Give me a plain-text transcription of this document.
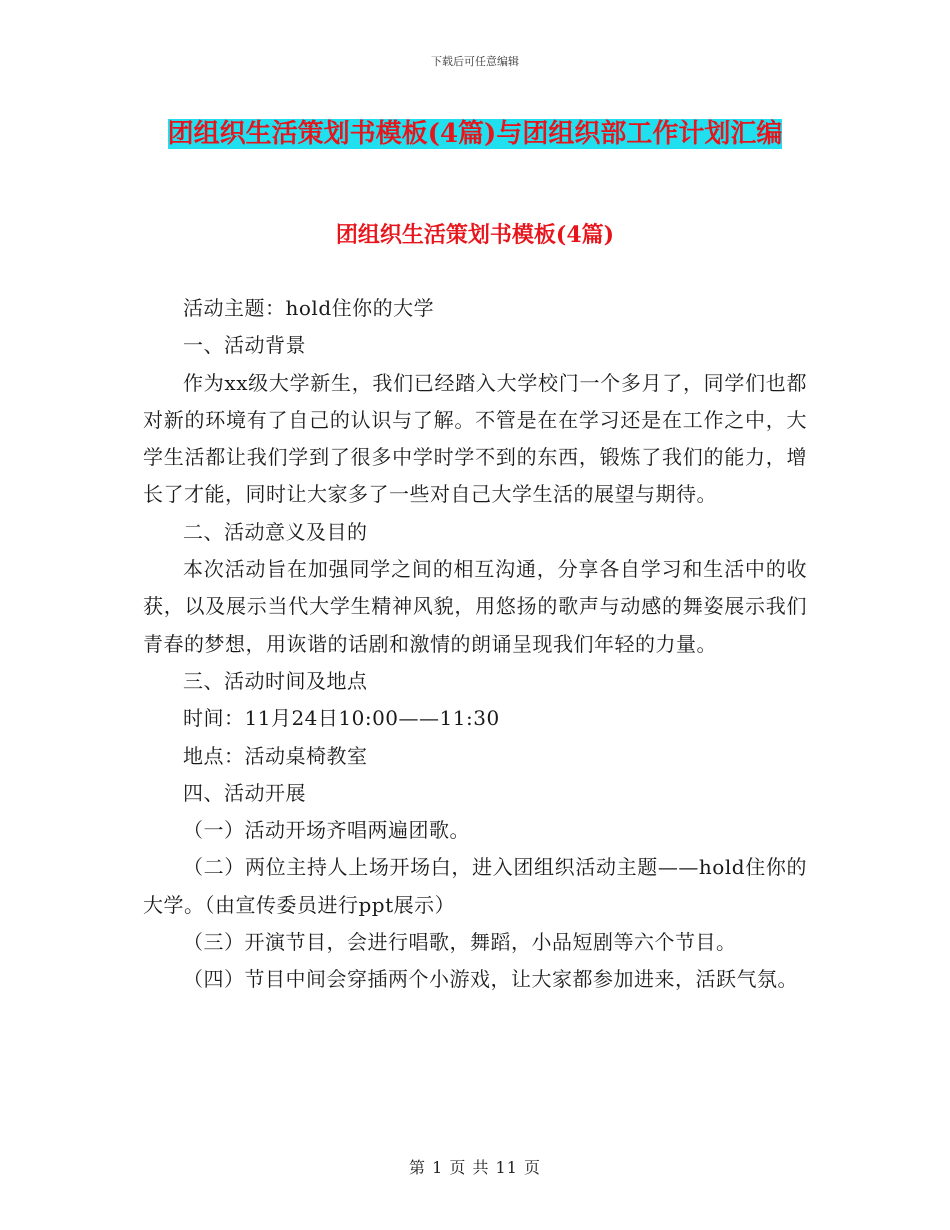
下载后可任意编辑
团组织生活策划书模板(4篇)与团组织部工作计划汇编
团组织生活策划书模板(4篇)

活动主题：hold住你的大学

一、活动背景

作为xx级大学新生，我们已经踏入大学校门一个多月了，同学们也都对新的环境有了自己的认识与了解。不管是在在学习还是在工作之中，大学生活都让我们学到了很多中学时学不到的东西，锻炼了我们的能力，增长了才能，同时让大家多了一些对自己大学生活的展望与期待。

二、活动意义及目的

本次活动旨在加强同学之间的相互沟通，分享各自学习和生活中的收获，以及展示当代大学生精神风貌，用悠扬的歌声与动感的舞姿展示我们青春的梦想，用诙谐的话剧和激情的朗诵呈现我们年轻的力量。

三、活动时间及地点

时间：11月24日10:00——11:30

地点：活动桌椅教室

四、活动开展

（一）活动开场齐唱两遍团歌。

（二）两位主持人上场开场白，进入团组织活动主题——hold住你的大学。（由宣传委员进行ppt展示）

（三）开演节目，会进行唱歌，舞蹈，小品短剧等六个节目。

（四）节目中间会穿插两个小游戏，让大家都参加进来，活跃气氛。

第 1 页 共 11 页
